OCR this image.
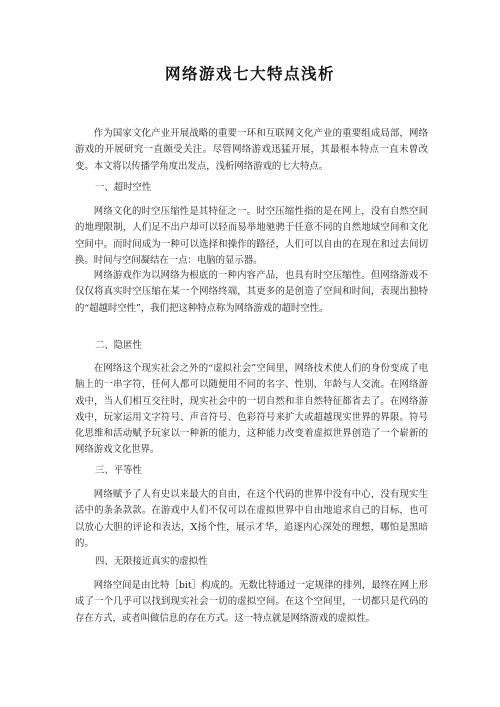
网络游戏七大特点浅析

作为国家文化产业开展战略的重要一环和互联网文化产业的重要组成局部，网络游戏的开展研究一直颇受关注。尽管网络游戏迅猛开展，其最根本特点一直未曾改变。本文将以传播学角度出发点，浅析网络游戏的七大特点。

一、超时空性

网络文化的时空压缩性是其特征之一。时空压缩性指的是在网上，没有自然空间的地理限制，人们足不出户却可以轻而易举地驰骋于任意不同的自然地域空间和文化空间中。而时间成为一种可以选择和操作的路径，人们可以自由的在现在和过去间切换。时间与空间凝结在一点：电脑的显示器。

网络游戏作为以网络为根底的一种内容产品，也具有时空压缩性。但网络游戏不仅仅将真实时空压缩在某一个网络终端，其更多的是创造了空间和时间，表现出独特的“超越时空性”，我们把这种特点称为网络游戏的超时空性。

二、隐匿性

在网络这个现实社会之外的“虚拟社会”空间里，网络技术使人们的身份变成了电脑上的一串字符，任何人都可以随便用不同的名字、性别、年龄与人交流。在网络游戏中，当人们相互交往时，现实社会中的一切自然和非自然特征都省去了。在网络游戏中，玩家运用文字符号、声音符号、色彩符号来扩大或超越现实世界的界限。符号化思维和活动赋予玩家以一种新的能力，这种能力改变着虚拟世界创造了一个崭新的网络游戏文化世界。

三、平等性

网络赋予了人有史以来最大的自由，在这个代码的世界中没有中心，没有现实生活中的条条款款。在游戏中人们不仅可以在虚拟世界中自由地追求自己的目标，也可以放心大胆的评论和表达，X扬个性，展示才华，追逐内心深处的理想，哪怕是黑暗的。

四、无限接近真实的虚拟性

网络空间是由比特［bit］构成的。无数比特通过一定规律的排列，最终在网上形成了一个几乎可以找到现实社会一切的虚拟空间。在这个空间里，一切都只是代码的存在方式，或者叫做信息的存在方式。这一特点就是网络游戏的虚拟性。
